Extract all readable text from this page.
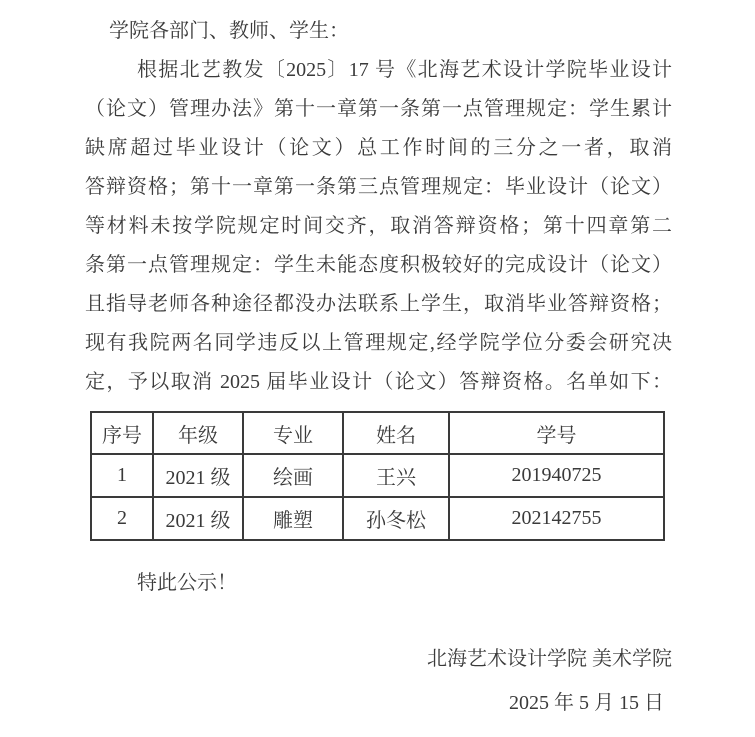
学院各部门、教师、学生：
根据北艺教发〔2025〕17 号《北海艺术设计学院毕业设计
（论文）管理办法》第十一章第一条第一点管理规定：学生累计
缺席超过毕业设计（论文）总工作时间的三分之一者，取消
答辩资格；第十一章第一条第三点管理规定：毕业设计（论文）
等材料未按学院规定时间交齐，取消答辩资格；第十四章第二
条第一点管理规定：学生未能态度积极较好的完成设计（论文）
且指导老师各种途径都没办法联系上学生，取消毕业答辩资格；
现有我院两名同学违反以上管理规定,经学院学位分委会研究决
定，予以取消 2025 届毕业设计（论文）答辩资格。名单如下：
序号	年级	专业	姓名	学号
1	2021 级	绘画	王兴	201940725
2	2021 级	雕塑	孙冬松	202142755
特此公示！
北海艺术设计学院 美术学院
2025 年 5 月 15 日
